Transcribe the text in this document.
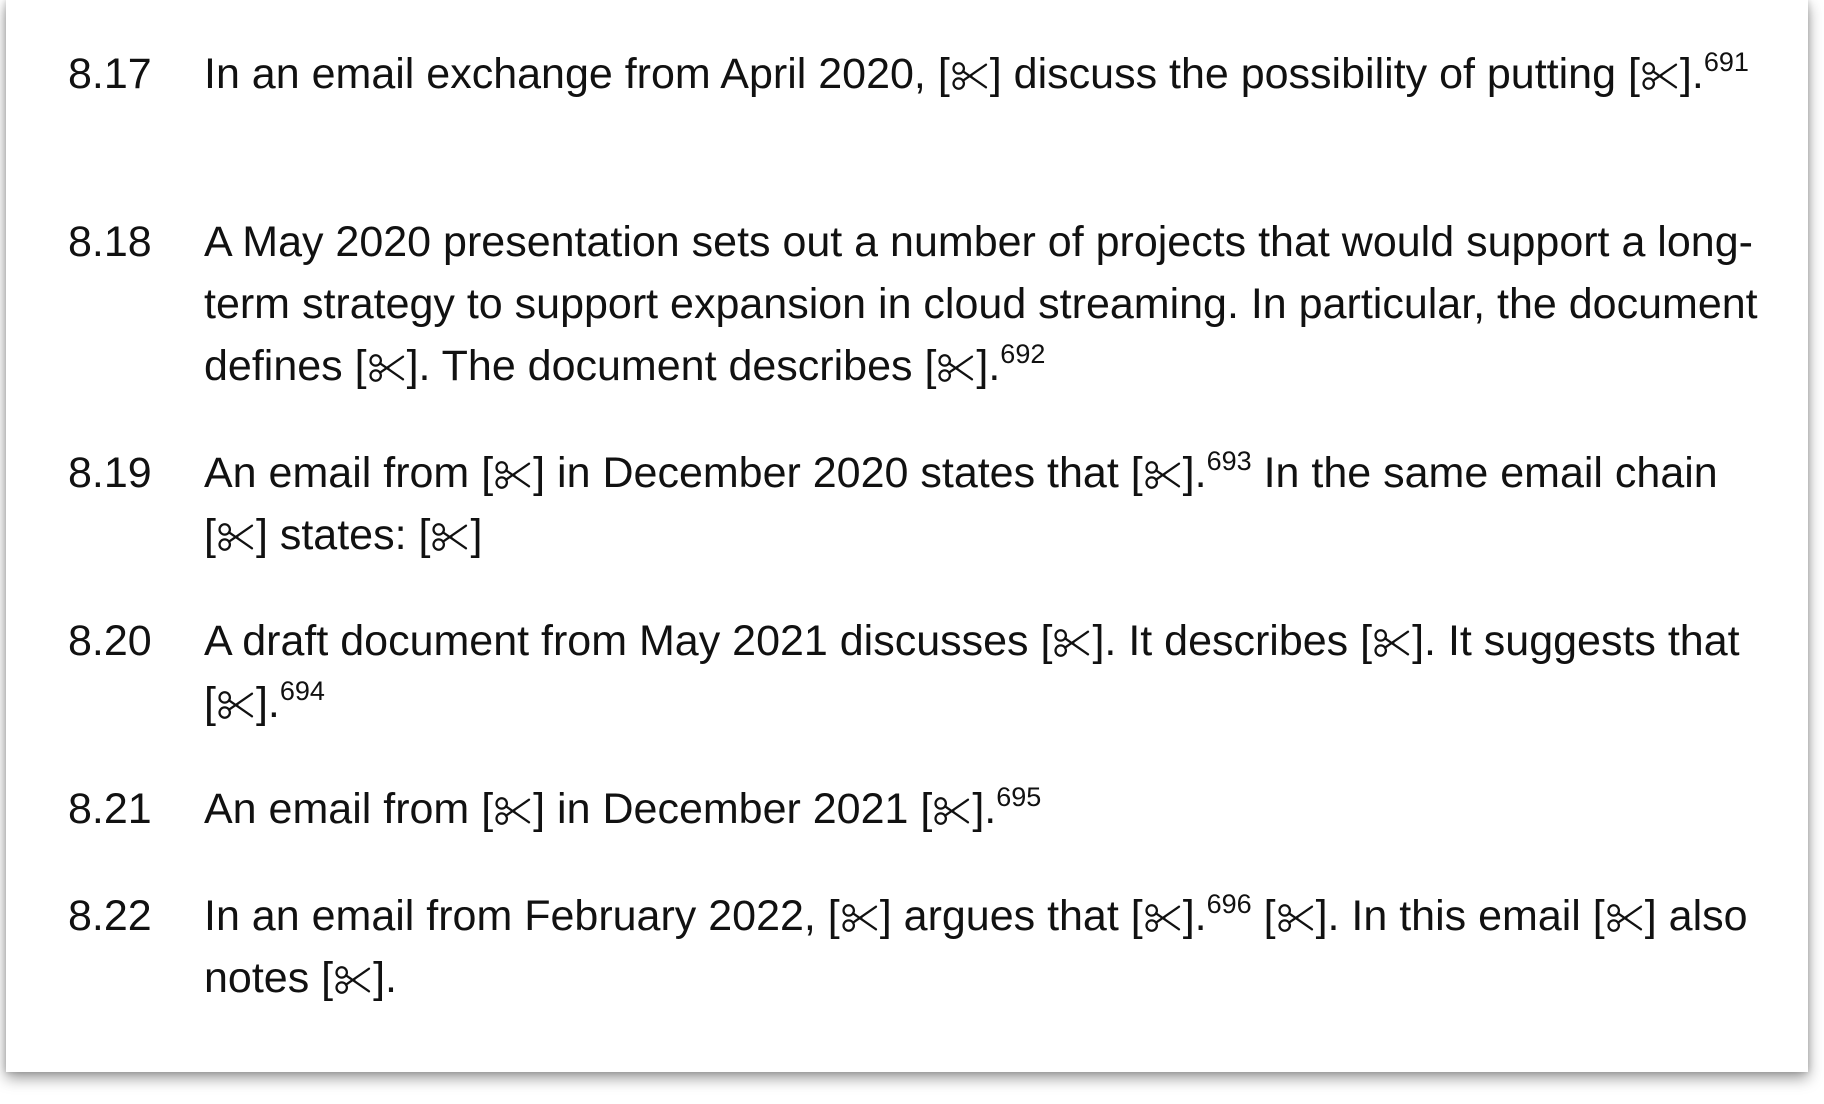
8.17	In an email exchange from April 2020, [ ] discuss the possibility of putting [ ].$^{691}$
8.18	A May 2020 presentation sets out a number of projects that would support a long-term strategy to support expansion in cloud streaming. In particular, the document defines [ ]. The document describes [ ].$^{692}$
8.19	An email from [ ] in December 2020 states that [ ].$^{693}$ In the same email chain [ ] states: [ ]
8.20	A draft document from May 2021 discusses [ ]. It describes [ ]. It suggests that [ ].$^{694}$
8.21	An email from [ ] in December 2021 [ ].$^{695}$
8.22	In an email from February 2022, [ ] argues that [ ].$^{696}$ [ ]. In this email [ ] also notes [ ].
